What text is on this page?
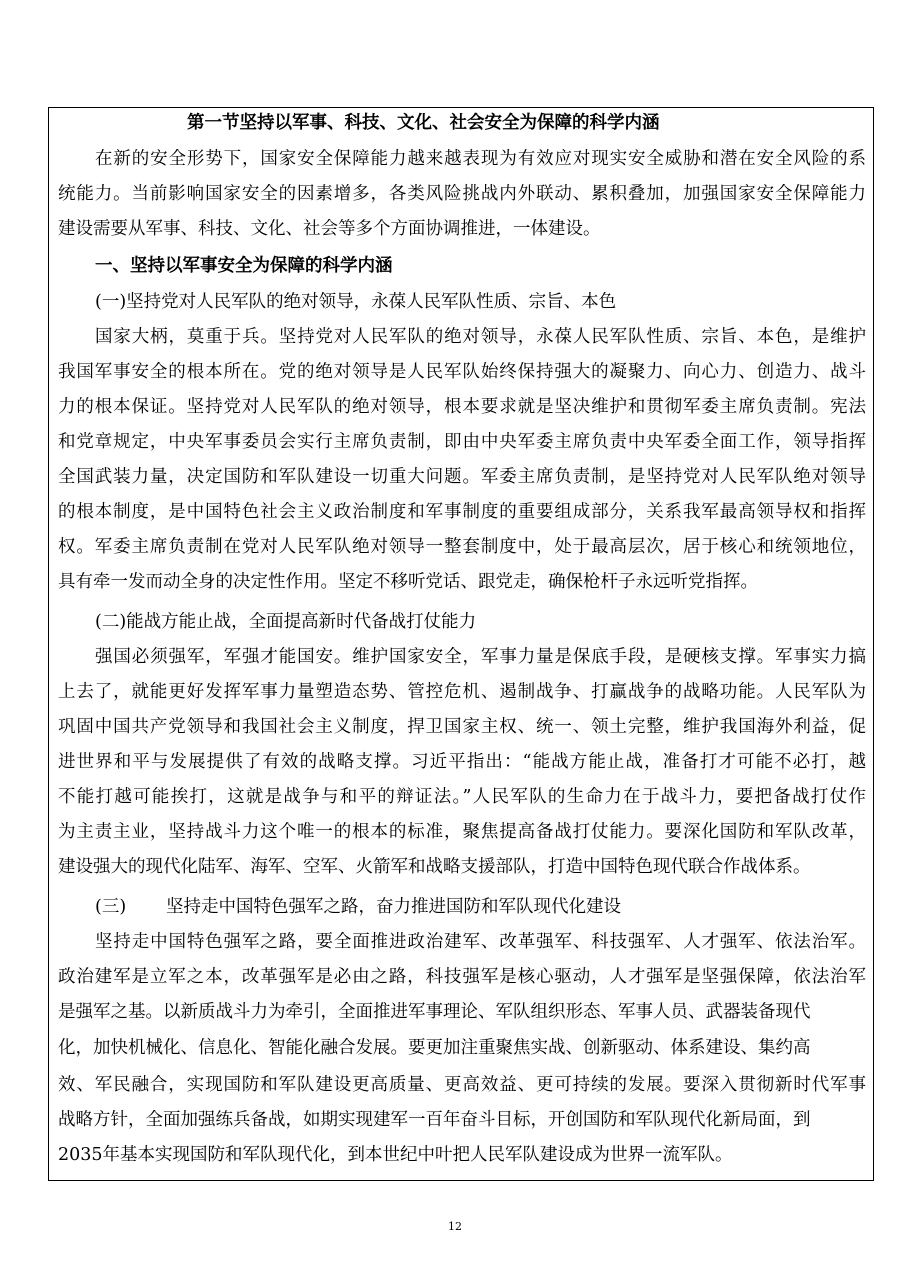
第一节坚持以军事、科技、文化、社会安全为保障的科学内涵
在新的安全形势下，国家安全保障能力越来越表现为有效应对现实安全威胁和潜在安全风险的系
统能力。当前影响国家安全的因素增多，各类风险挑战内外联动、累积叠加，加强国家安全保障能力
建设需要从军事、科技、文化、社会等多个方面协调推进，一体建设。
一、坚持以军事安全为保障的科学内涵
(一)坚持党对人民军队的绝对领导，永葆人民军队性质、宗旨、本色
国家大柄，莫重于兵。坚持党对人民军队的绝对领导，永葆人民军队性质、宗旨、本色，是维护
我国军事安全的根本所在。党的绝对领导是人民军队始终保持强大的凝聚力、向心力、创造力、战斗
力的根本保证。坚持党对人民军队的绝对领导，根本要求就是坚决维护和贯彻军委主席负责制。宪法
和党章规定，中央军事委员会实行主席负责制，即由中央军委主席负责中央军委全面工作，领导指挥
全国武装力量，决定国防和军队建设一切重大问题。军委主席负责制，是坚持党对人民军队绝对领导
的根本制度，是中国特色社会主义政治制度和军事制度的重要组成部分，关系我军最高领导权和指挥
权。军委主席负责制在党对人民军队绝对领导一整套制度中，处于最高层次，居于核心和统领地位，
具有牵一发而动全身的决定性作用。坚定不移听党话、跟党走，确保枪杆子永远听党指挥。
(二)能战方能止战，全面提高新时代备战打仗能力
强国必须强军，军强才能国安。维护国家安全，军事力量是保底手段，是硬核支撑。军事实力搞
上去了，就能更好发挥军事力量塑造态势、管控危机、遏制战争、打赢战争的战略功能。人民军队为
巩固中国共产党领导和我国社会主义制度，捍卫国家主权、统一、领土完整，维护我国海外利益，促
进世界和平与发展提供了有效的战略支撑。习近平指出：“能战方能止战，准备打才可能不必打，越
不能打越可能挨打，这就是战争与和平的辩证法。”人民军队的生命力在于战斗力，要把备战打仗作
为主责主业，坚持战斗力这个唯一的根本的标准，聚焦提高备战打仗能力。要深化国防和军队改革，
建设强大的现代化陆军、海军、空军、火箭军和战略支援部队，打造中国特色现代联合作战体系。
(三) 坚持走中国特色强军之路，奋力推进国防和军队现代化建设
坚持走中国特色强军之路，要全面推进政治建军、改革强军、科技强军、人才强军、依法治军。
政治建军是立军之本，改革强军是必由之路，科技强军是核心驱动，人才强军是坚强保障，依法治军
是强军之基。以新质战斗力为牵引，全面推进军事理论、军队组织形态、军事人员、武器装备现代
化，加快机械化、信息化、智能化融合发展。要更加注重聚焦实战、创新驱动、体系建设、集约高
效、军民融合，实现国防和军队建设更高质量、更高效益、更可持续的发展。要深入贯彻新时代军事
战略方针，全面加强练兵备战，如期实现建军一百年奋斗目标，开创国防和军队现代化新局面，到
2035年基本实现国防和军队现代化，到本世纪中叶把人民军队建设成为世界一流军队。
12
